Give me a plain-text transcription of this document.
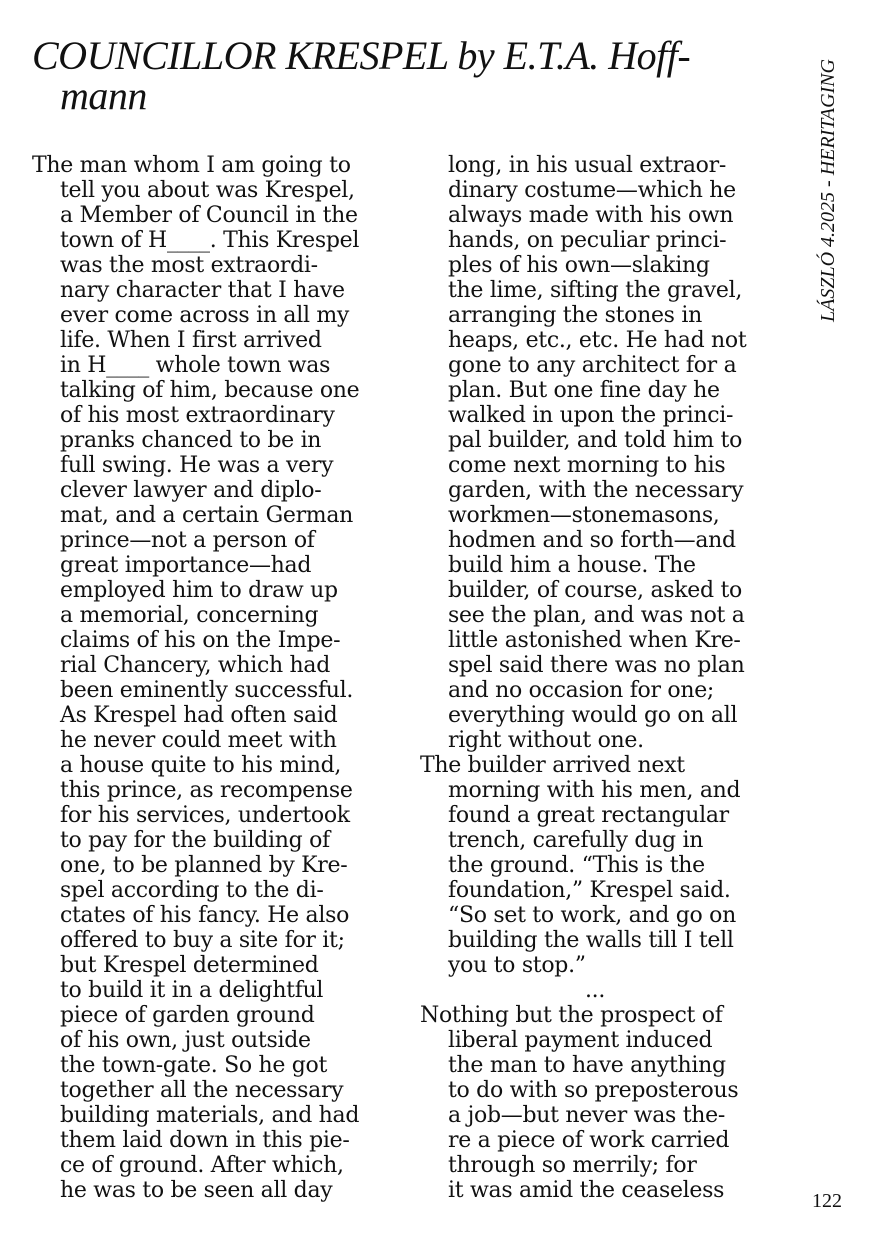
COUNCILLOR KRESPEL by E.T.A. Hoff-
mann	LÁSZLÓ 4.2025 - HERITAGING
The man whom I am going to
tell you about was Krespel,
a Member of Council in the
town of H____. This Krespel
was the most extraordi-
nary character that I have
ever come across in all my
life. When I first arrived
in H____ whole town was
talking of him, because one
of his most extraordinary
pranks chanced to be in
full swing. He was a very
clever lawyer and diplo-
mat, and a certain German
prince—not a person of
great importance—had
employed him to draw up
a memorial, concerning
claims of his on the Impe-
rial Chancery, which had
been eminently successful.
As Krespel had often said
he never could meet with
a house quite to his mind,
this prince, as recompense
for his services, undertook
to pay for the building of
one, to be planned by Kre-
spel according to the di-
ctates of his fancy. He also
offered to buy a site for it;
but Krespel determined
to build it in a delightful
piece of garden ground
of his own, just outside
the town-gate. So he got
together all the necessary
building materials, and had
them laid down in this pie-
ce of ground. After which,
he was to be seen all day
long, in his usual extraor-
dinary costume—which he
always made with his own
hands, on peculiar princi-
ples of his own—slaking
the lime, sifting the gravel,
arranging the stones in
heaps, etc., etc. He had not
gone to any architect for a
plan. But one fine day he
walked in upon the princi-
pal builder, and told him to
come next morning to his
garden, with the necessary
workmen—stonemasons,
hodmen and so forth—and
build him a house. The
builder, of course, asked to
see the plan, and was not a
little astonished when Kre-
spel said there was no plan
and no occasion for one;
everything would go on all
right without one.
The builder arrived next
morning with his men, and
found a great rectangular
trench, carefully dug in
the ground. “This is the
foundation,” Krespel said.
“So set to work, and go on
building the walls till I tell
you to stop.”
...
Nothing but the prospect of
liberal payment induced
the man to have anything
to do with so preposterous
a job—but never was the-
re a piece of work carried
through so merrily; for
it was amid the ceaseless	122
